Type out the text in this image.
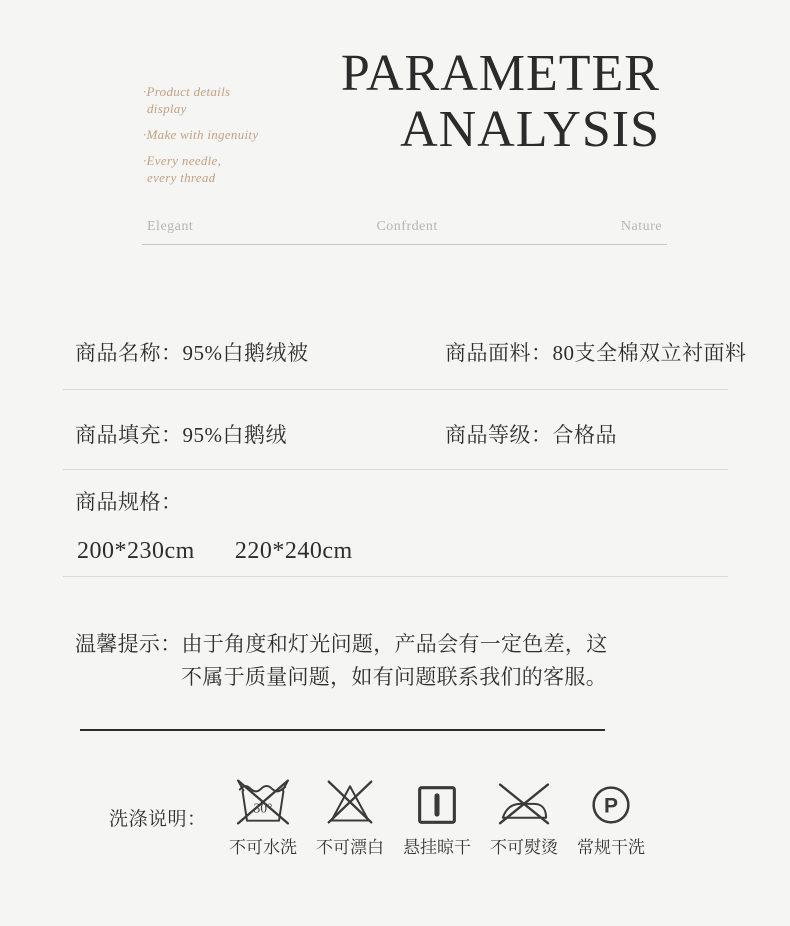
·Product details
display

·Make with ingenuity

·Every needle,
every thread

PARAMETER
ANALYSIS
Elegant	Confrdent	Nature
商品名称：95%白鹅绒被	商品面料：80支全棉双立衬面料
商品填充：95%白鹅绒	商品等级：合格品
商品规格：
200*230cm 220*240cm
温馨提示：由于角度和灯光问题，产品会有一定色差，这
不属于质量问题，如有问题联系我们的客服。
洗涤说明：
30°
不可水洗 不可漂白 悬挂晾干 不可熨烫
P
常规干洗
